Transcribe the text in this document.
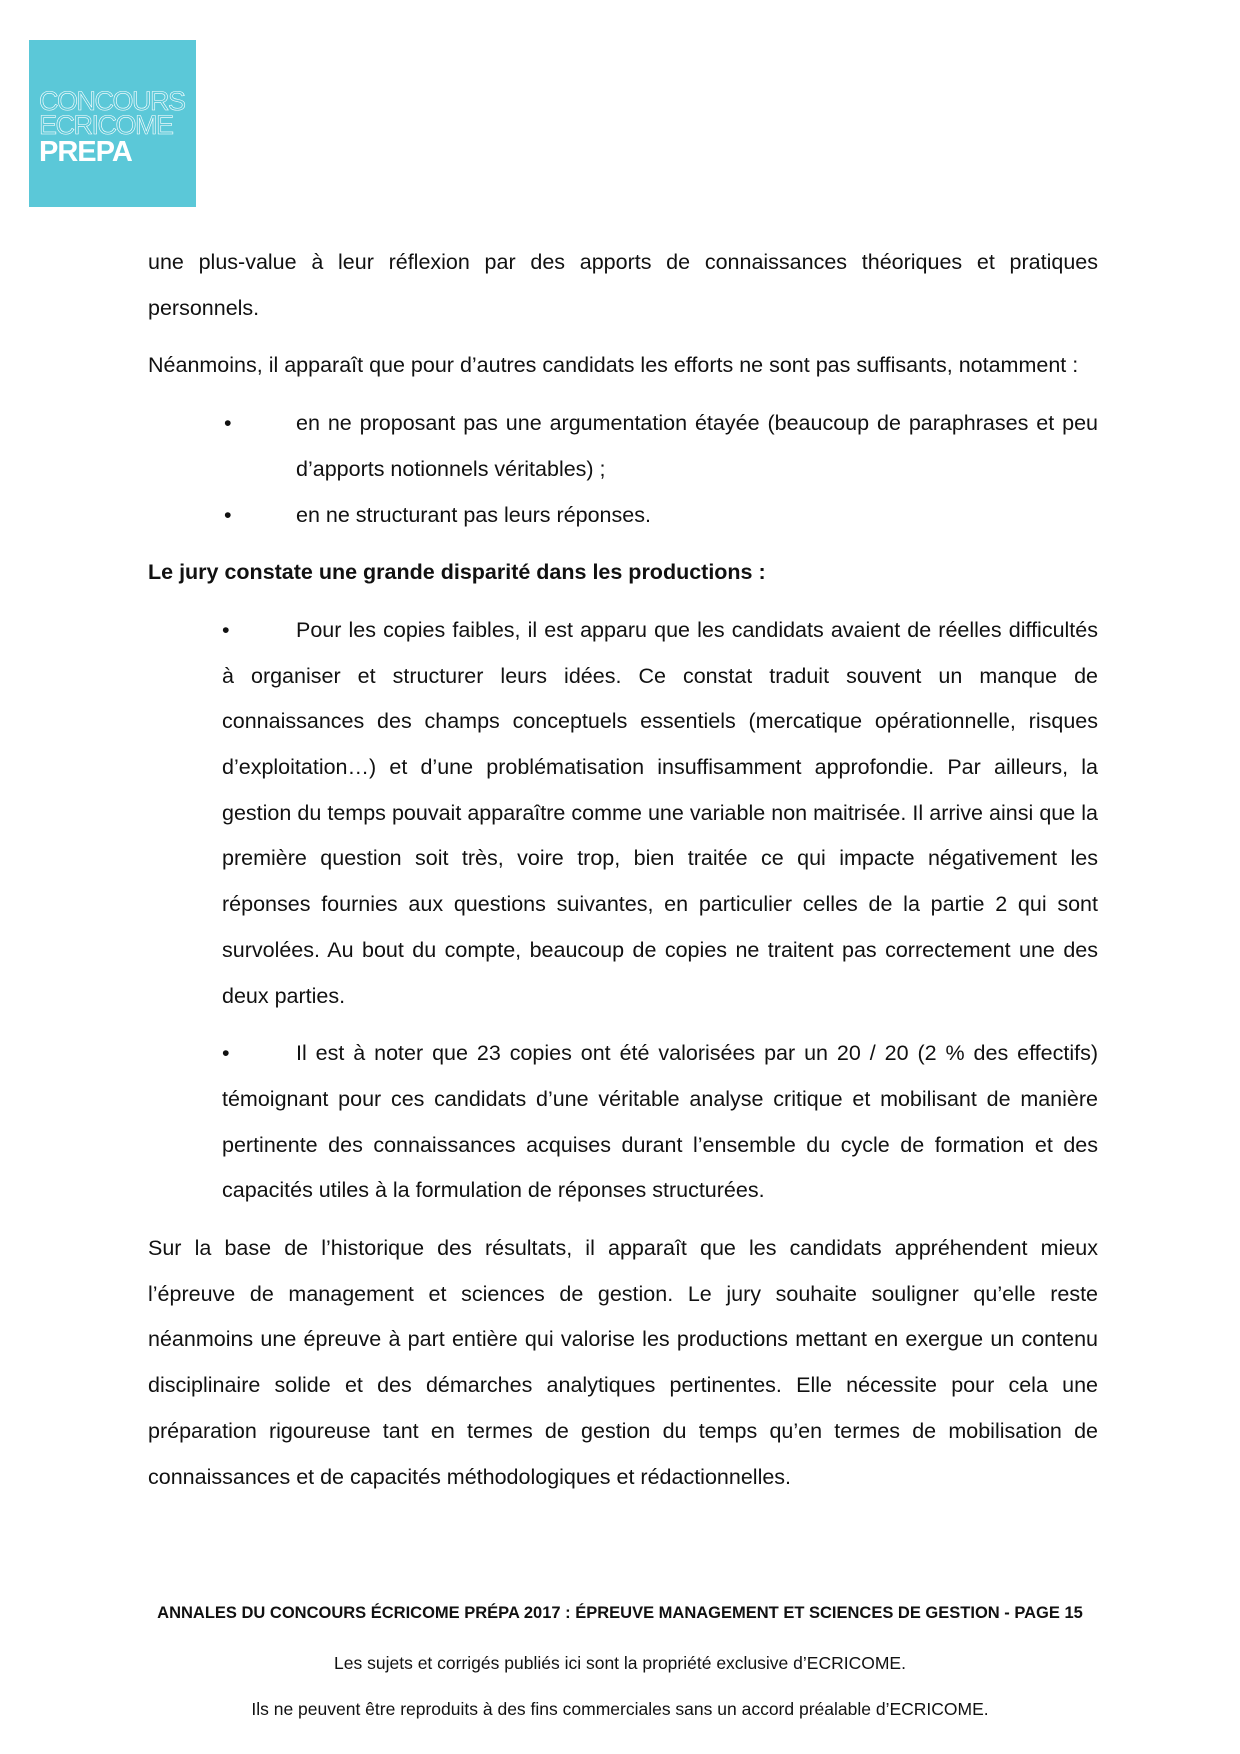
CONCOURS
ECRICOME
PREPA

une plus-value à leur réflexion par des apports de connaissances théoriques et pratiques personnels.

Néanmoins, il apparaît que pour d’autres candidats les efforts ne sont pas suffisants, notamment :

•	en ne proposant pas une argumentation étayée (beaucoup de paraphrases et peu d’apports notionnels véritables) ;
•	en ne structurant pas leurs réponses.

Le jury constate une grande disparité dans les productions :

•	Pour les copies faibles, il est apparu que les candidats avaient de réelles difficultés à organiser et structurer leurs idées. Ce constat traduit souvent un manque de connaissances des champs conceptuels essentiels (mercatique opérationnelle, risques d’exploitation…) et d’une problématisation insuffisamment approfondie. Par ailleurs, la gestion du temps pouvait apparaître comme une variable non maitrisée. Il arrive ainsi que la première question soit très, voire trop, bien traitée ce qui impacte négativement les réponses fournies aux questions suivantes, en particulier celles de la partie 2 qui sont survolées. Au bout du compte, beaucoup de copies ne traitent pas correctement une des deux parties.
•	Il est à noter que 23 copies ont été valorisées par un 20 / 20 (2 % des effectifs) témoignant pour ces candidats d’une véritable analyse critique et mobilisant de manière pertinente des connaissances acquises durant l’ensemble du cycle de formation et des capacités utiles à la formulation de réponses structurées.

Sur la base de l’historique des résultats, il apparaît que les candidats appréhendent mieux l’épreuve de management et sciences de gestion. Le jury souhaite souligner qu’elle reste néanmoins une épreuve à part entière qui valorise les productions mettant en exergue un contenu disciplinaire solide et des démarches analytiques pertinentes. Elle nécessite pour cela une préparation rigoureuse tant en termes de gestion du temps qu’en termes de mobilisation de connaissances et de capacités méthodologiques et rédactionnelles.

ANNALES DU CONCOURS ÉCRICOME PRÉPA 2017 : ÉPREUVE MANAGEMENT ET SCIENCES DE GESTION - PAGE 15
Les sujets et corrigés publiés ici sont la propriété exclusive d’ECRICOME.
Ils ne peuvent être reproduits à des fins commerciales sans un accord préalable d’ECRICOME.
